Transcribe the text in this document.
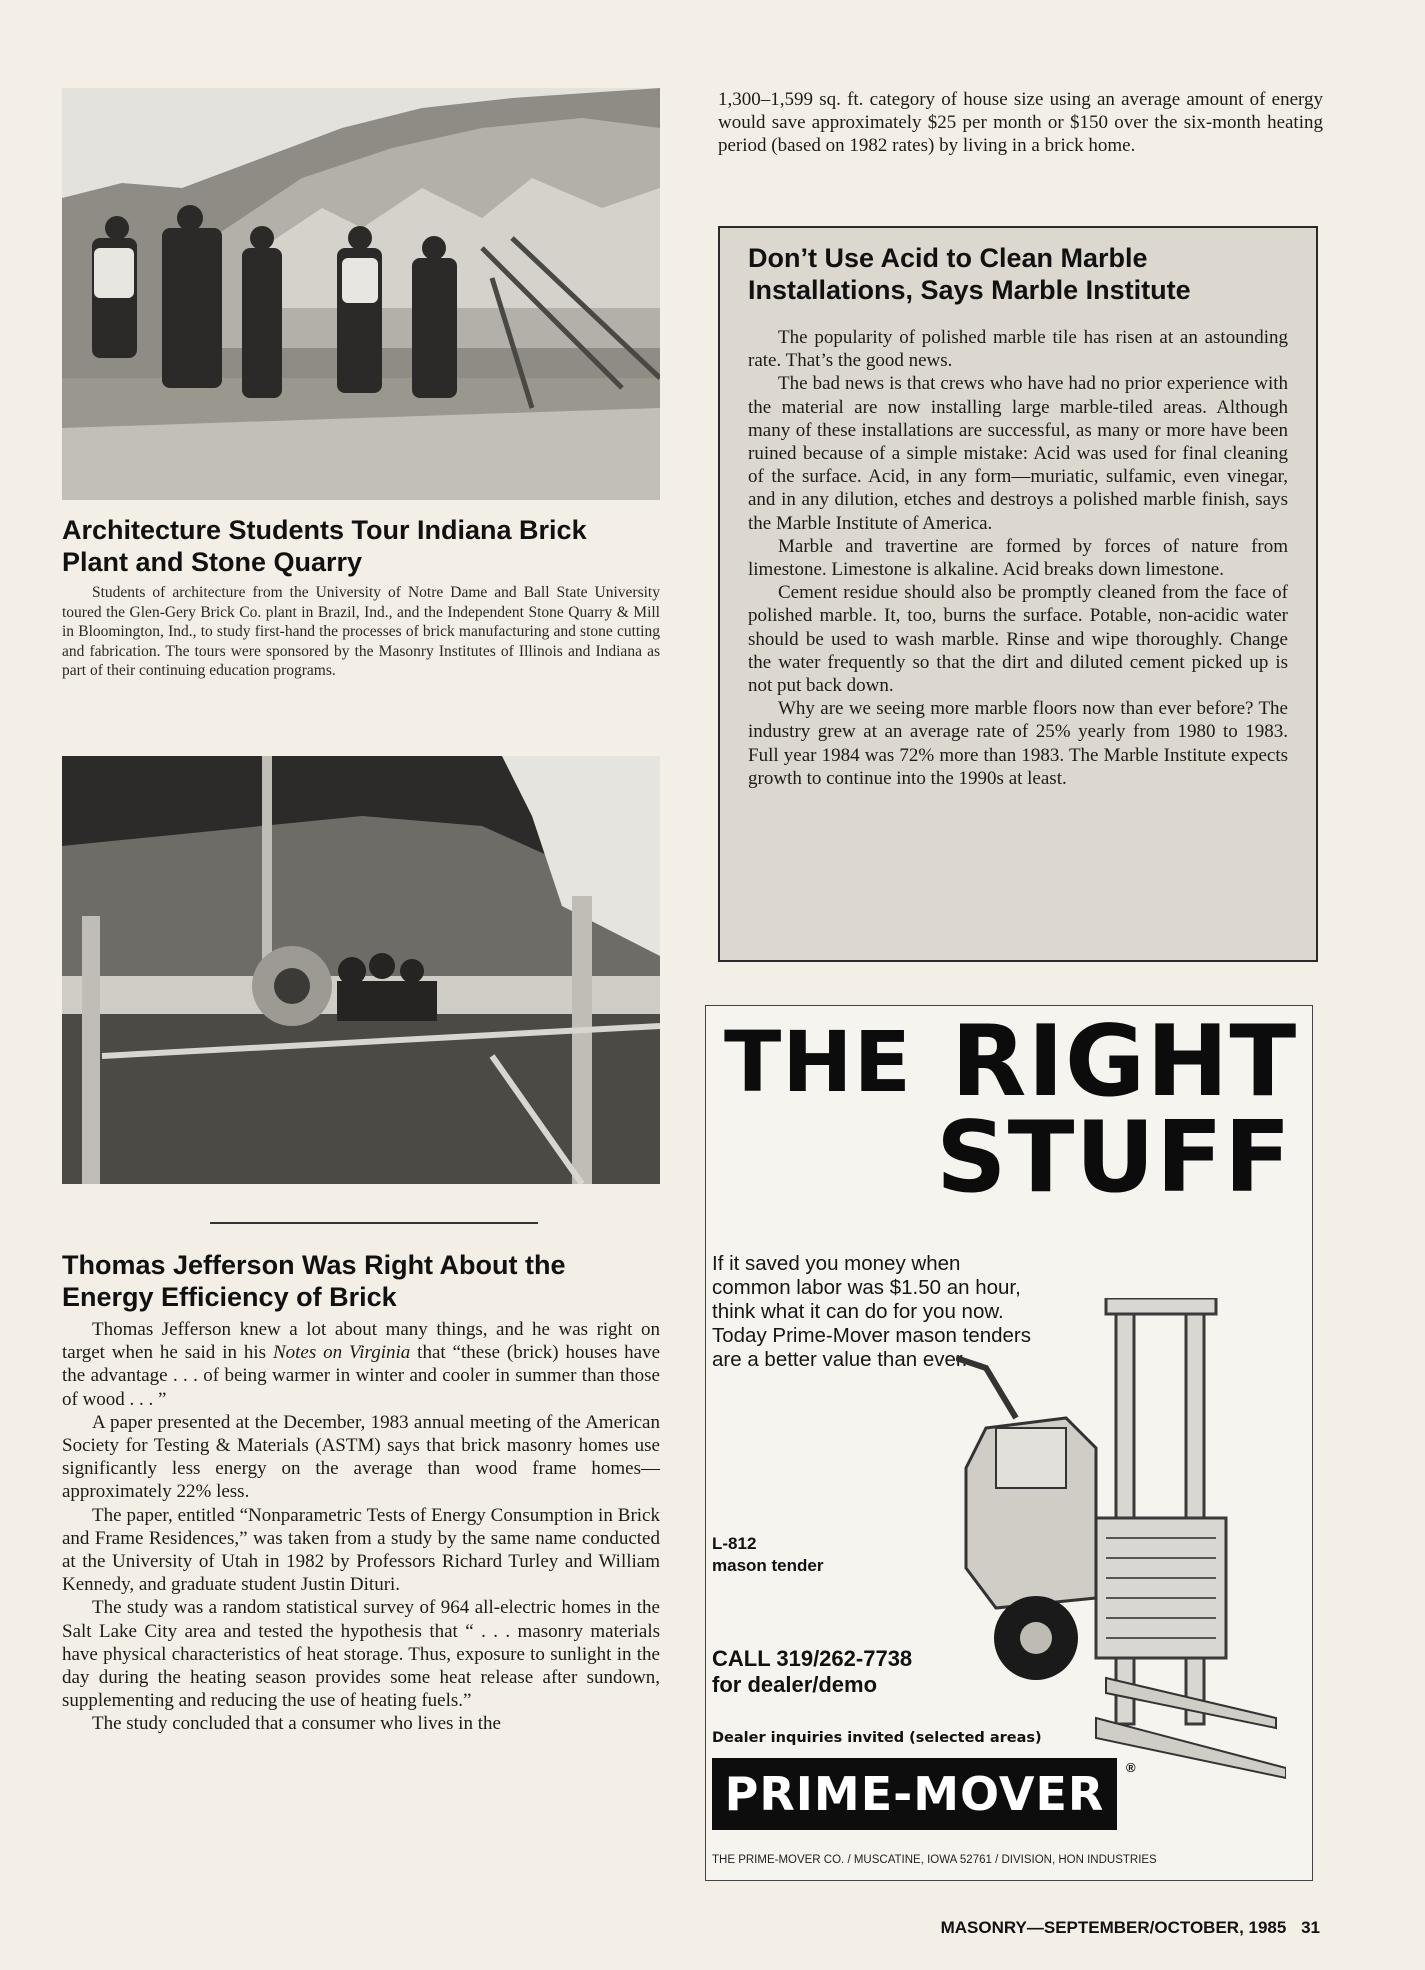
Architecture Students Tour Indiana Brick Plant and Stone Quarry

Students of architecture from the University of Notre Dame and Ball State University toured the Glen-Gery Brick Co. plant in Brazil, Ind., and the Independent Stone Quarry & Mill in Bloomington, Ind., to study first-hand the processes of brick manufacturing and stone cutting and fabrication. The tours were sponsored by the Masonry Institutes of Illinois and Indiana as part of their continuing education programs.

Thomas Jefferson Was Right About the Energy Efficiency of Brick

Thomas Jefferson knew a lot about many things, and he was right on target when he said in his Notes on Virginia that “these (brick) houses have the advantage . . . of being warmer in winter and cooler in summer than those of wood . . . ”

A paper presented at the December, 1983 annual meeting of the American Society for Testing & Materials (ASTM) says that brick masonry homes use significantly less energy on the average than wood frame homes—approximately 22% less.

The paper, entitled “Nonparametric Tests of Energy Consumption in Brick and Frame Residences,” was taken from a study by the same name conducted at the University of Utah in 1982 by Professors Richard Turley and William Kennedy, and graduate student Justin Dituri.

The study was a random statistical survey of 964 all-electric homes in the Salt Lake City area and tested the hypothesis that “ . . . masonry materials have physical characteristics of heat storage. Thus, exposure to sunlight in the day during the heating season provides some heat release after sundown, supplementing and reducing the use of heating fuels.”

The study concluded that a consumer who lives in the

1,300–1,599 sq. ft. category of house size using an average amount of energy would save approximately $25 per month or $150 over the six-month heating period (based on 1982 rates) by living in a brick home.

Don’t Use Acid to Clean Marble Installations, Says Marble Institute

The popularity of polished marble tile has risen at an astounding rate. That’s the good news.

The bad news is that crews who have had no prior experience with the material are now installing large marble-tiled areas. Although many of these installations are successful, as many or more have been ruined because of a simple mistake: Acid was used for final cleaning of the surface. Acid, in any form—muriatic, sulfamic, even vinegar, and in any dilution, etches and destroys a polished marble finish, says the Marble Institute of America.

Marble and travertine are formed by forces of nature from limestone. Limestone is alkaline. Acid breaks down limestone.

Cement residue should also be promptly cleaned from the face of polished marble. It, too, burns the surface. Potable, non-acidic water should be used to wash marble. Rinse and wipe thoroughly. Change the water frequently so that the dirt and diluted cement picked up is not put back down.

Why are we seeing more marble floors now than ever before? The industry grew at an average rate of 25% yearly from 1980 to 1983. Full year 1984 was 72% more than 1983. The Marble Institute expects growth to continue into the 1990s at least.

THE RIGHT
STUFF
If it saved you money when common labor was $1.50 an hour, think what it can do for you now. Today Prime-Mover mason tenders are a better value than ever.
L-812
mason tender
CALL 319/262-7738
for dealer/demo
Dealer inquiries invited (selected areas)
PRIME-MOVER	®
THE PRIME-MOVER CO. / MUSCATINE, IOWA 52761 / DIVISION, HON INDUSTRIES
MASONRY—SEPTEMBER/OCTOBER, 1985 31
